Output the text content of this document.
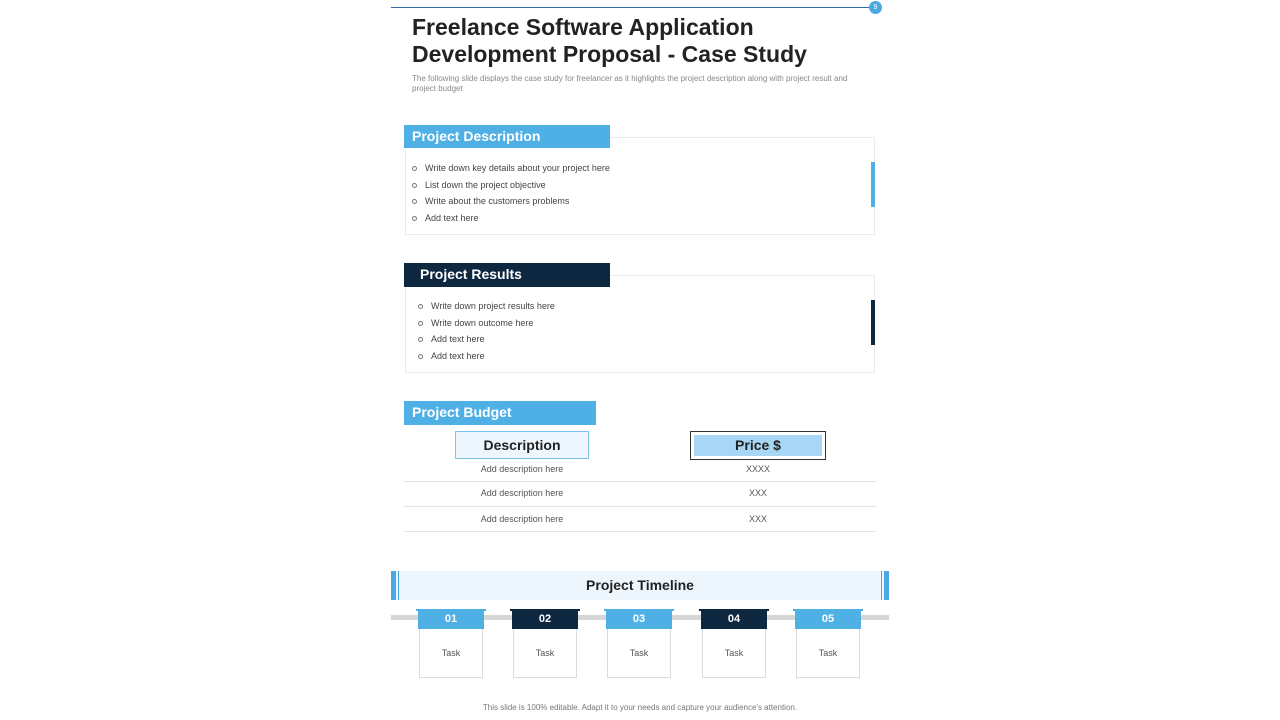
9
Freelance Software Application Development Proposal - Case Study

The following slide displays the case study for freelancer as it highlights the project description along with project result and project budget

Project Description
Write down key details about your project here
List down the project objective
Write about the customers problems
Add text here
Project Results
Write down project results here
Write down outcome here
Add text here
Add text here
Project Budget
Description	Price $
Add description here	XXXX
Add description here	XXX
Add description here	XXX
Project Timeline
01
Task
02
Task
03
Task
04
Task
05
Task
This slide is 100% editable. Adapt it to your needs and capture your audience's attention.
